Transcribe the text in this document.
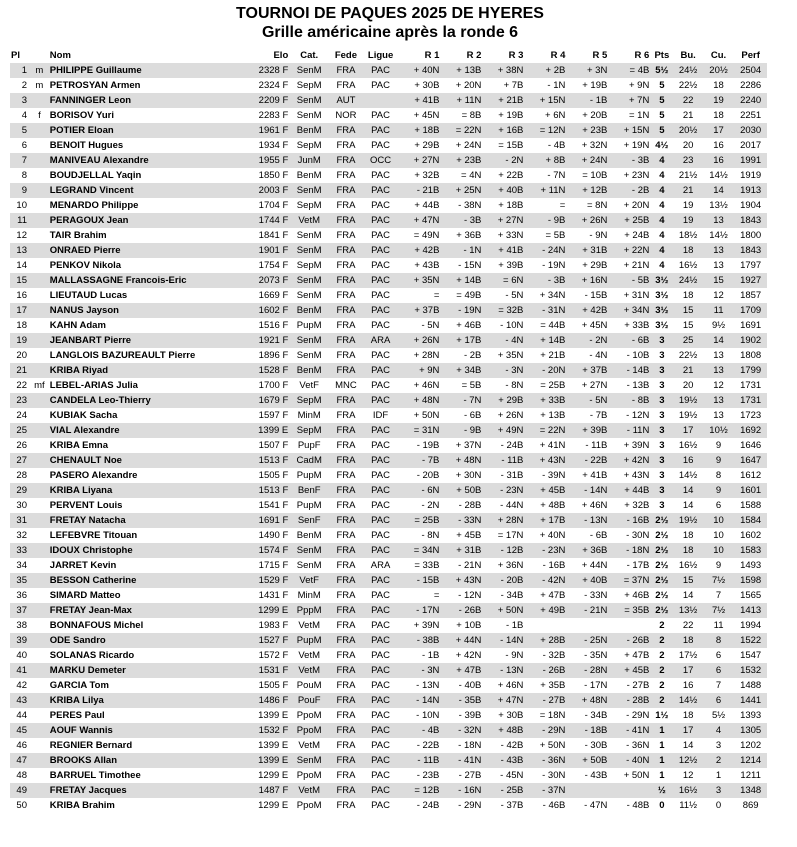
TOURNOI DE PAQUES 2025 DE HYERES
Grille américaine après la ronde 6
Pl		Nom	Elo	Cat.	Fede	Ligue	R 1	R 2	R 3	R 4	R 5	R 6	Pts	Bu.	Cu.	Perf
1	m	PHILIPPE Guillaume	2328 F	SenM	FRA	PAC	+ 40N	+ 13B	+ 38N	+ 2B	+ 3N	= 4B	5½	24½	20½	2504
2	m	PETROSYAN Armen	2324 F	SepM	FRA	PAC	+ 30B	+ 20N	+ 7B	- 1N	+ 19B	+ 9N	5	22½	18	2286
3		FANNINGER Leon	2209 F	SenM	AUT		+ 41B	+ 11N	+ 21B	+ 15N	- 1B	+ 7N	5	22	19	2240
4	f	BORISOV Yuri	2283 F	SenM	NOR	PAC	+ 45N	= 8B	+ 19B	+ 6N	+ 20B	= 1N	5	21	18	2251
5		POTIER Eloan	1961 F	BenM	FRA	PAC	+ 18B	= 22N	+ 16B	= 12N	+ 23B	+ 15N	5	20½	17	2030
6		BENOIT Hugues	1934 F	SepM	FRA	PAC	+ 29B	+ 24N	= 15B	- 4B	+ 32N	+ 19N	4½	20	16	2017
7		MANIVEAU Alexandre	1955 F	JunM	FRA	OCC	+ 27N	+ 23B	- 2N	+ 8B	+ 24N	- 3B	4	23	16	1991
8		BOUDJELLAL Yaqin	1850 F	BenM	FRA	PAC	+ 32B	= 4N	+ 22B	- 7N	= 10B	+ 23N	4	21½	14½	1919
9		LEGRAND Vincent	2003 F	SenM	FRA	PAC	- 21B	+ 25N	+ 40B	+ 11N	+ 12B	- 2B	4	21	14	1913
10		MENARDO Philippe	1704 F	SepM	FRA	PAC	+ 44B	- 38N	+ 18B	=	= 8N	+ 20N	4	19	13½	1904
11		PERAGOUX Jean	1744 F	VetM	FRA	PAC	+ 47N	- 3B	+ 27N	- 9B	+ 26N	+ 25B	4	19	13	1843
12		TAIR Brahim	1841 F	SenM	FRA	PAC	= 49N	+ 36B	+ 33N	= 5B	- 9N	+ 24B	4	18½	14½	1800
13		ONRAED Pierre	1901 F	SenM	FRA	PAC	+ 42B	- 1N	+ 41B	- 24N	+ 31B	+ 22N	4	18	13	1843
14		PENKOV Nikola	1754 F	SepM	FRA	PAC	+ 43B	- 15N	+ 39B	- 19N	+ 29B	+ 21N	4	16½	13	1797
15		MALLASSAGNE Francois-Eric	2073 F	SenM	FRA	PAC	+ 35N	+ 14B	= 6N	- 3B	+ 16N	- 5B	3½	24½	15	1927
16		LIEUTAUD Lucas	1669 F	SenM	FRA	PAC	=	= 49B	- 5N	+ 34N	- 15B	+ 31N	3½	18	12	1857
17		NANUS Jayson	1602 F	BenM	FRA	PAC	+ 37B	- 19N	= 32B	- 31N	+ 42B	+ 34N	3½	15	11	1709
18		KAHN Adam	1516 F	PupM	FRA	PAC	- 5N	+ 46B	- 10N	= 44B	+ 45N	+ 33B	3½	15	9½	1691
19		JEANBART Pierre	1921 F	SenM	FRA	ARA	+ 26N	+ 17B	- 4N	+ 14B	- 2N	- 6B	3	25	14	1902
20		LANGLOIS BAZUREAULT Pierre	1896 F	SenM	FRA	PAC	+ 28N	- 2B	+ 35N	+ 21B	- 4N	- 10B	3	22½	13	1808
21		KRIBA Riyad	1528 F	BenM	FRA	PAC	+ 9N	+ 34B	- 3N	- 20N	+ 37B	- 14B	3	21	13	1799
22	mf	LEBEL-ARIAS Julia	1700 F	VetF	MNC	PAC	+ 46N	= 5B	- 8N	= 25B	+ 27N	- 13B	3	20	12	1731
23		CANDELA Leo-Thierry	1679 F	SepM	FRA	PAC	+ 48N	- 7N	+ 29B	+ 33B	- 5N	- 8B	3	19½	13	1731
24		KUBIAK Sacha	1597 F	MinM	FRA	IDF	+ 50N	- 6B	+ 26N	+ 13B	- 7B	- 12N	3	19½	13	1723
25		VIAL Alexandre	1399 E	SepM	FRA	PAC	= 31N	- 9B	+ 49N	= 22N	+ 39B	- 11N	3	17	10½	1692
26		KRIBA Emna	1507 F	PupF	FRA	PAC	- 19B	+ 37N	- 24B	+ 41N	- 11B	+ 39N	3	16½	9	1646
27		CHENAULT Noe	1513 F	CadM	FRA	PAC	- 7B	+ 48N	- 11B	+ 43N	- 22B	+ 42N	3	16	9	1647
28		PASERO Alexandre	1505 F	PupM	FRA	PAC	- 20B	+ 30N	- 31B	- 39N	+ 41B	+ 43N	3	14½	8	1612
29		KRIBA Liyana	1513 F	BenF	FRA	PAC	- 6N	+ 50B	- 23N	+ 45B	- 14N	+ 44B	3	14	9	1601
30		PERVENT Louis	1541 F	PupM	FRA	PAC	- 2N	- 28B	- 44N	+ 48B	+ 46N	+ 32B	3	14	6	1588
31		FRETAY Natacha	1691 F	SenF	FRA	PAC	= 25B	- 33N	+ 28N	+ 17B	- 13N	- 16B	2½	19½	10	1584
32		LEFEBVRE Titouan	1490 F	BenM	FRA	PAC	- 8N	+ 45B	= 17N	+ 40N	- 6B	- 30N	2½	18	10	1602
33		IDOUX Christophe	1574 F	SenM	FRA	PAC	= 34N	+ 31B	- 12B	- 23N	+ 36B	- 18N	2½	18	10	1583
34		JARRET Kevin	1715 F	SenM	FRA	ARA	= 33B	- 21N	+ 36N	- 16B	+ 44N	- 17B	2½	16½	9	1493
35		BESSON Catherine	1529 F	VetF	FRA	PAC	- 15B	+ 43N	- 20B	- 42N	+ 40B	= 37N	2½	15	7½	1598
36		SIMARD Matteo	1431 F	MinM	FRA	PAC	=	- 12N	- 34B	+ 47B	- 33N	+ 46B	2½	14	7	1565
37		FRETAY Jean-Max	1299 E	PppM	FRA	PAC	- 17N	- 26B	+ 50N	+ 49B	- 21N	= 35B	2½	13½	7½	1413
38		BONNAFOUS Michel	1983 F	VetM	FRA	PAC	+ 39N	+ 10B	- 1B				2	22	11	1994
39		ODE Sandro	1527 F	PupM	FRA	PAC	- 38B	+ 44N	- 14N	+ 28B	- 25N	- 26B	2	18	8	1522
40		SOLANAS Ricardo	1572 F	VetM	FRA	PAC	- 1B	+ 42N	- 9N	- 32B	- 35N	+ 47B	2	17½	6	1547
41		MARKU Demeter	1531 F	VetM	FRA	PAC	- 3N	+ 47B	- 13N	- 26B	- 28N	+ 45B	2	17	6	1532
42		GARCIA Tom	1505 F	PouM	FRA	PAC	- 13N	- 40B	+ 46N	+ 35B	- 17N	- 27B	2	16	7	1488
43		KRIBA Lilya	1486 F	PouF	FRA	PAC	- 14N	- 35B	+ 47N	- 27B	+ 48N	- 28B	2	14½	6	1441
44		PERES Paul	1399 E	PpoM	FRA	PAC	- 10N	- 39B	+ 30B	= 18N	- 34B	- 29N	1½	18	5½	1393
45		AOUF Wannis	1532 F	PpoM	FRA	PAC	- 4B	- 32N	+ 48B	- 29N	- 18B	- 41N	1	17	4	1305
46		REGNIER Bernard	1399 E	VetM	FRA	PAC	- 22B	- 18N	- 42B	+ 50N	- 30B	- 36N	1	14	3	1202
47		BROOKS Allan	1399 E	SenM	FRA	PAC	- 11B	- 41N	- 43B	- 36N	+ 50B	- 40N	1	12½	2	1214
48		BARRUEL Timothee	1299 E	PpoM	FRA	PAC	- 23B	- 27B	- 45N	- 30N	- 43B	+ 50N	1	12	1	1211
49		FRETAY Jacques	1487 F	VetM	FRA	PAC	= 12B	- 16N	- 25B	- 37N			½	16½	3	1348
50		KRIBA Brahim	1299 E	PpoM	FRA	PAC	- 24B	- 29N	- 37B	- 46B	- 47N	- 48B	0	11½	0	869
